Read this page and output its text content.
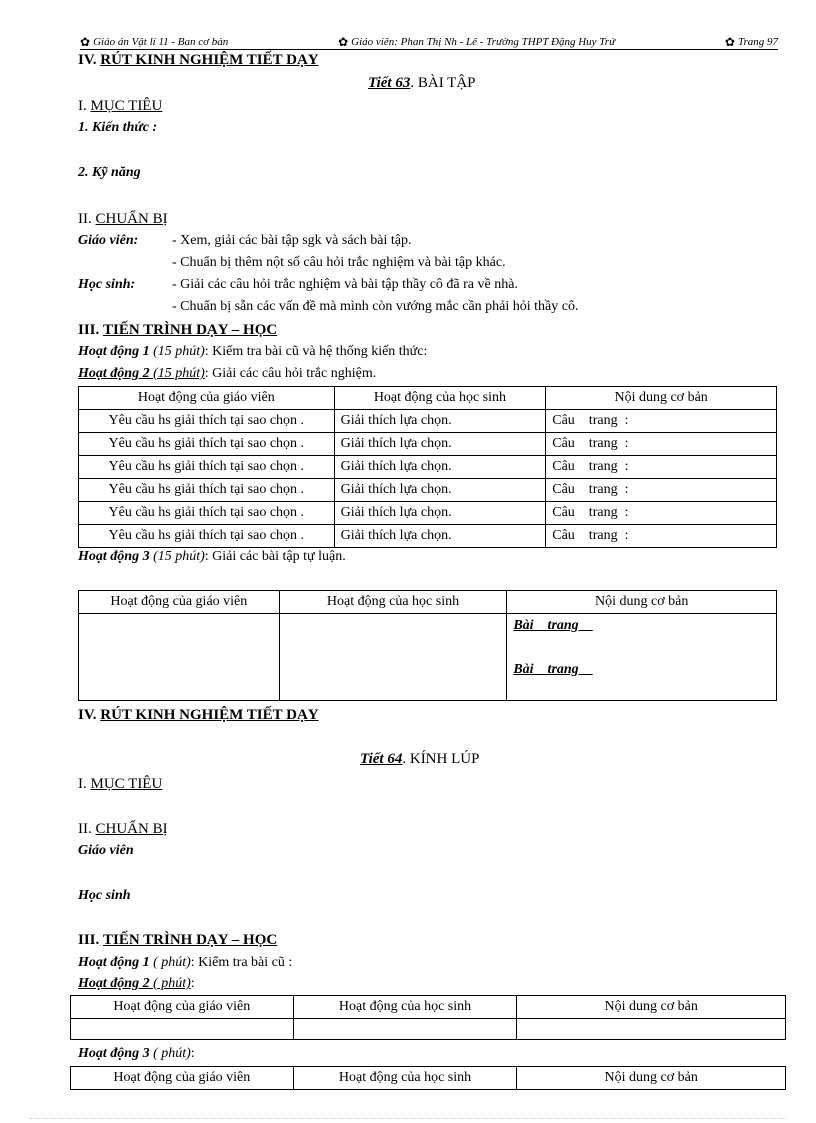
✿ Giáo án Vật lí 11 - Ban cơ bản	✿ Giáo viên: Phan Thị Nh - Lê - Trường THPT Đặng Huy Trứ	✿ Trang 97
IV. RÚT KINH NGHIỆM TIẾT DẠY
Tiết 63. BÀI TẬP
I. MỤC TIÊU
1. Kiến thức :
2. Kỹ năng
II. CHUẨN BỊ
Giáo viên: - Xem, giải các bài tập sgk và sách bài tập.
- Chuẩn bị thêm nột số câu hỏi trắc nghiệm và bài tập khác.
Học sinh:	- Giải các câu hỏi trắc nghiệm và bài tập thầy cô đã ra về nhà.
- Chuẩn bị sẵn các vấn đề mà mình còn vướng mắc cần phải hỏi thầy cô.
III. TIẾN TRÌNH DẠY – HỌC
Hoạt động 1 (15 phút): Kiểm tra bài cũ và hệ thống kiến thức:
Hoạt động 2 (15 phút): Giải các câu hỏi trắc nghiệm.
Hoạt động của giáo viên	Hoạt động của học sinh	Nội dung cơ bản
Yêu cầu hs giải thích tại sao chọn .	Giải thích lựa chọn.	Câu    trang  :
Yêu cầu hs giải thích tại sao chọn .	Giải thích lựa chọn.	Câu    trang  :
Yêu cầu hs giải thích tại sao chọn .	Giải thích lựa chọn.	Câu    trang  :
Yêu cầu hs giải thích tại sao chọn .	Giải thích lựa chọn.	Câu    trang  :
Yêu cầu hs giải thích tại sao chọn .	Giải thích lựa chọn.	Câu    trang  :
Yêu cầu hs giải thích tại sao chọn .	Giải thích lựa chọn.	Câu    trang  :
Hoạt động 3 (15 phút): Giải các bài tập tự luận.
Hoạt động của giáo viên	Hoạt động của học sinh	Nội dung cơ bản

		Bài    trang
Bài    trang
IV. RÚT KINH NGHIỆM TIẾT DẠY
Tiết 64. KÍNH LÚP
I. MỤC TIÊU
II. CHUẨN BỊ
Giáo viên
Học sinh
III. TIẾN TRÌNH DẠY – HỌC
Hoạt động 1 ( phút): Kiểm tra bài cũ :
Hoạt động 2 ( phút):
Hoạt động của giáo viên	Hoạt động của học sinh	Nội dung cơ bản

Hoạt động 3 ( phút):
Hoạt động của giáo viên	Hoạt động của học sinh	Nội dung cơ bản
